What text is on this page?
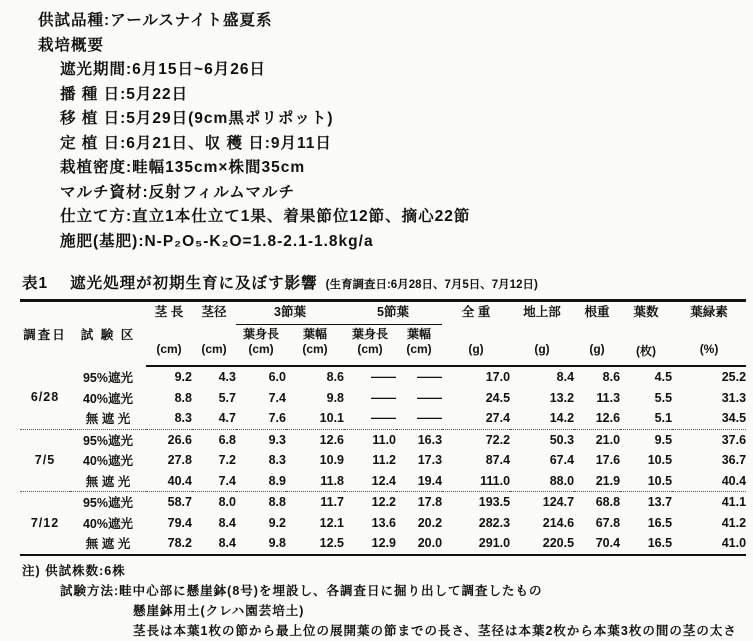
供試品種:アールスナイト盛夏系
栽培概要
遮光期間:6月15日~6月26日
播 種 日:5月22日
移 植 日:5月29日(9cm黒ポリポット)
定 植 日:6月21日、収 穫 日:9月11日
栽植密度:畦幅135cm×株間35cm
マルチ資材:反射フィルムマルチ
仕立て方:直立1本仕立て1果、着果節位12節、摘心22節
施肥(基肥):N-P₂O₅-K₂O=1.8-2.1-1.8kg/a
表1 遮光処理が初期生育に及ぼす影響 (生育調査日:6月28日、7月5日、7月12日)
調査日	試 験 区	茎 長	茎径	3節葉		5節葉		全 重	地上部	根重	葉数	葉緑素
				葉身長	葉幅	葉身長	葉幅					
		(cm)	(cm)	(cm)	(cm)	(cm)	(cm)	(g)	(g)	(g)	(枚)	(%)
6/28	95%遮光	9.2	4.3	6.0	8.6	――	――	17.0	8.4	8.6	4.5	25.2
	40%遮光	8.8	5.7	7.4	9.8	――	――	24.5	13.2	11.3	5.5	31.3
	無 遮 光	8.3	4.7	7.6	10.1	――	――	27.4	14.2	12.6	5.1	34.5
7/5	95%遮光	26.6	6.8	9.3	12.6	11.0	16.3	72.2	50.3	21.0	9.5	37.6
	40%遮光	27.8	7.2	8.3	10.9	11.2	17.3	87.4	67.4	17.6	10.5	36.7
	無 遮 光	40.4	7.4	8.9	11.8	12.4	19.4	111.0	88.0	21.9	10.5	40.4
7/12	95%遮光	58.7	8.0	8.8	11.7	12.2	17.8	193.5	124.7	68.8	13.7	41.1
	40%遮光	79.4	8.4	9.2	12.1	13.6	20.2	282.3	214.6	67.8	16.5	41.2
	無 遮 光	78.2	8.4	9.8	12.5	12.9	20.0	291.0	220.5	70.4	16.5	41.0
注) 供試株数:6株
試験方法:畦中心部に懸崖鉢(8号)を埋設し、各調査日に掘り出して調査したもの
懸崖鉢用土(クレハ園芸培土)
茎長は本葉1枚の節から最上位の展開葉の節までの長さ、茎径は本葉2枚から本葉3枚の間の茎の太さ
